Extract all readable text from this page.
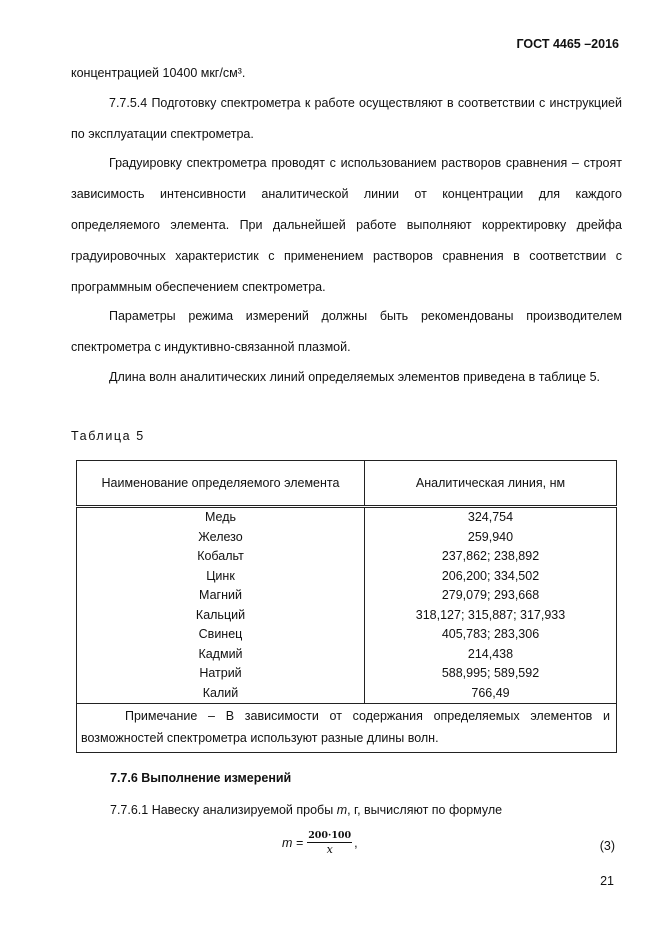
ГОСТ 4465 –2016
концентрацией 10400 мкг/см³.
7.7.5.4 Подготовку спектрометра к работе осуществляют в соответствии с инструкцией по эксплуатации спектрометра.
Градуировку спектрометра проводят с использованием растворов сравнения – строят зависимость интенсивности аналитической линии от концентрации для каждого определяемого элемента. При дальнейшей работе выполняют корректировку дрейфа градуировочных характеристик с применением растворов сравнения в соответствии с программным обеспечением спектрометра.
Параметры режима измерений должны быть рекомендованы производителем спектрометра с индуктивно-связанной плазмой.
Длина волн аналитических линий определяемых элементов приведена в таблице 5.
Таблица 5
Наименование определяемого элемента	Аналитическая линия, нм
Медь	324,754
Железо	259,940
Кобальт	237,862; 238,892
Цинк	206,200; 334,502
Магний	279,079; 293,668
Кальций	318,127; 315,887; 317,933
Свинец	405,783; 283,306
Кадмий	214,438
Натрий	588,995; 589,592
Калий	766,49

Примечание – В зависимости от содержания определяемых элементов и возможностей спектрометра используют разные длины волн.	
7.7.6 Выполнение измерений
7.7.6.1 Навеску анализируемой пробы m, г, вычисляют по формуле
$m = \frac{200\cdot 100}{x}$ ,	(3)
21
